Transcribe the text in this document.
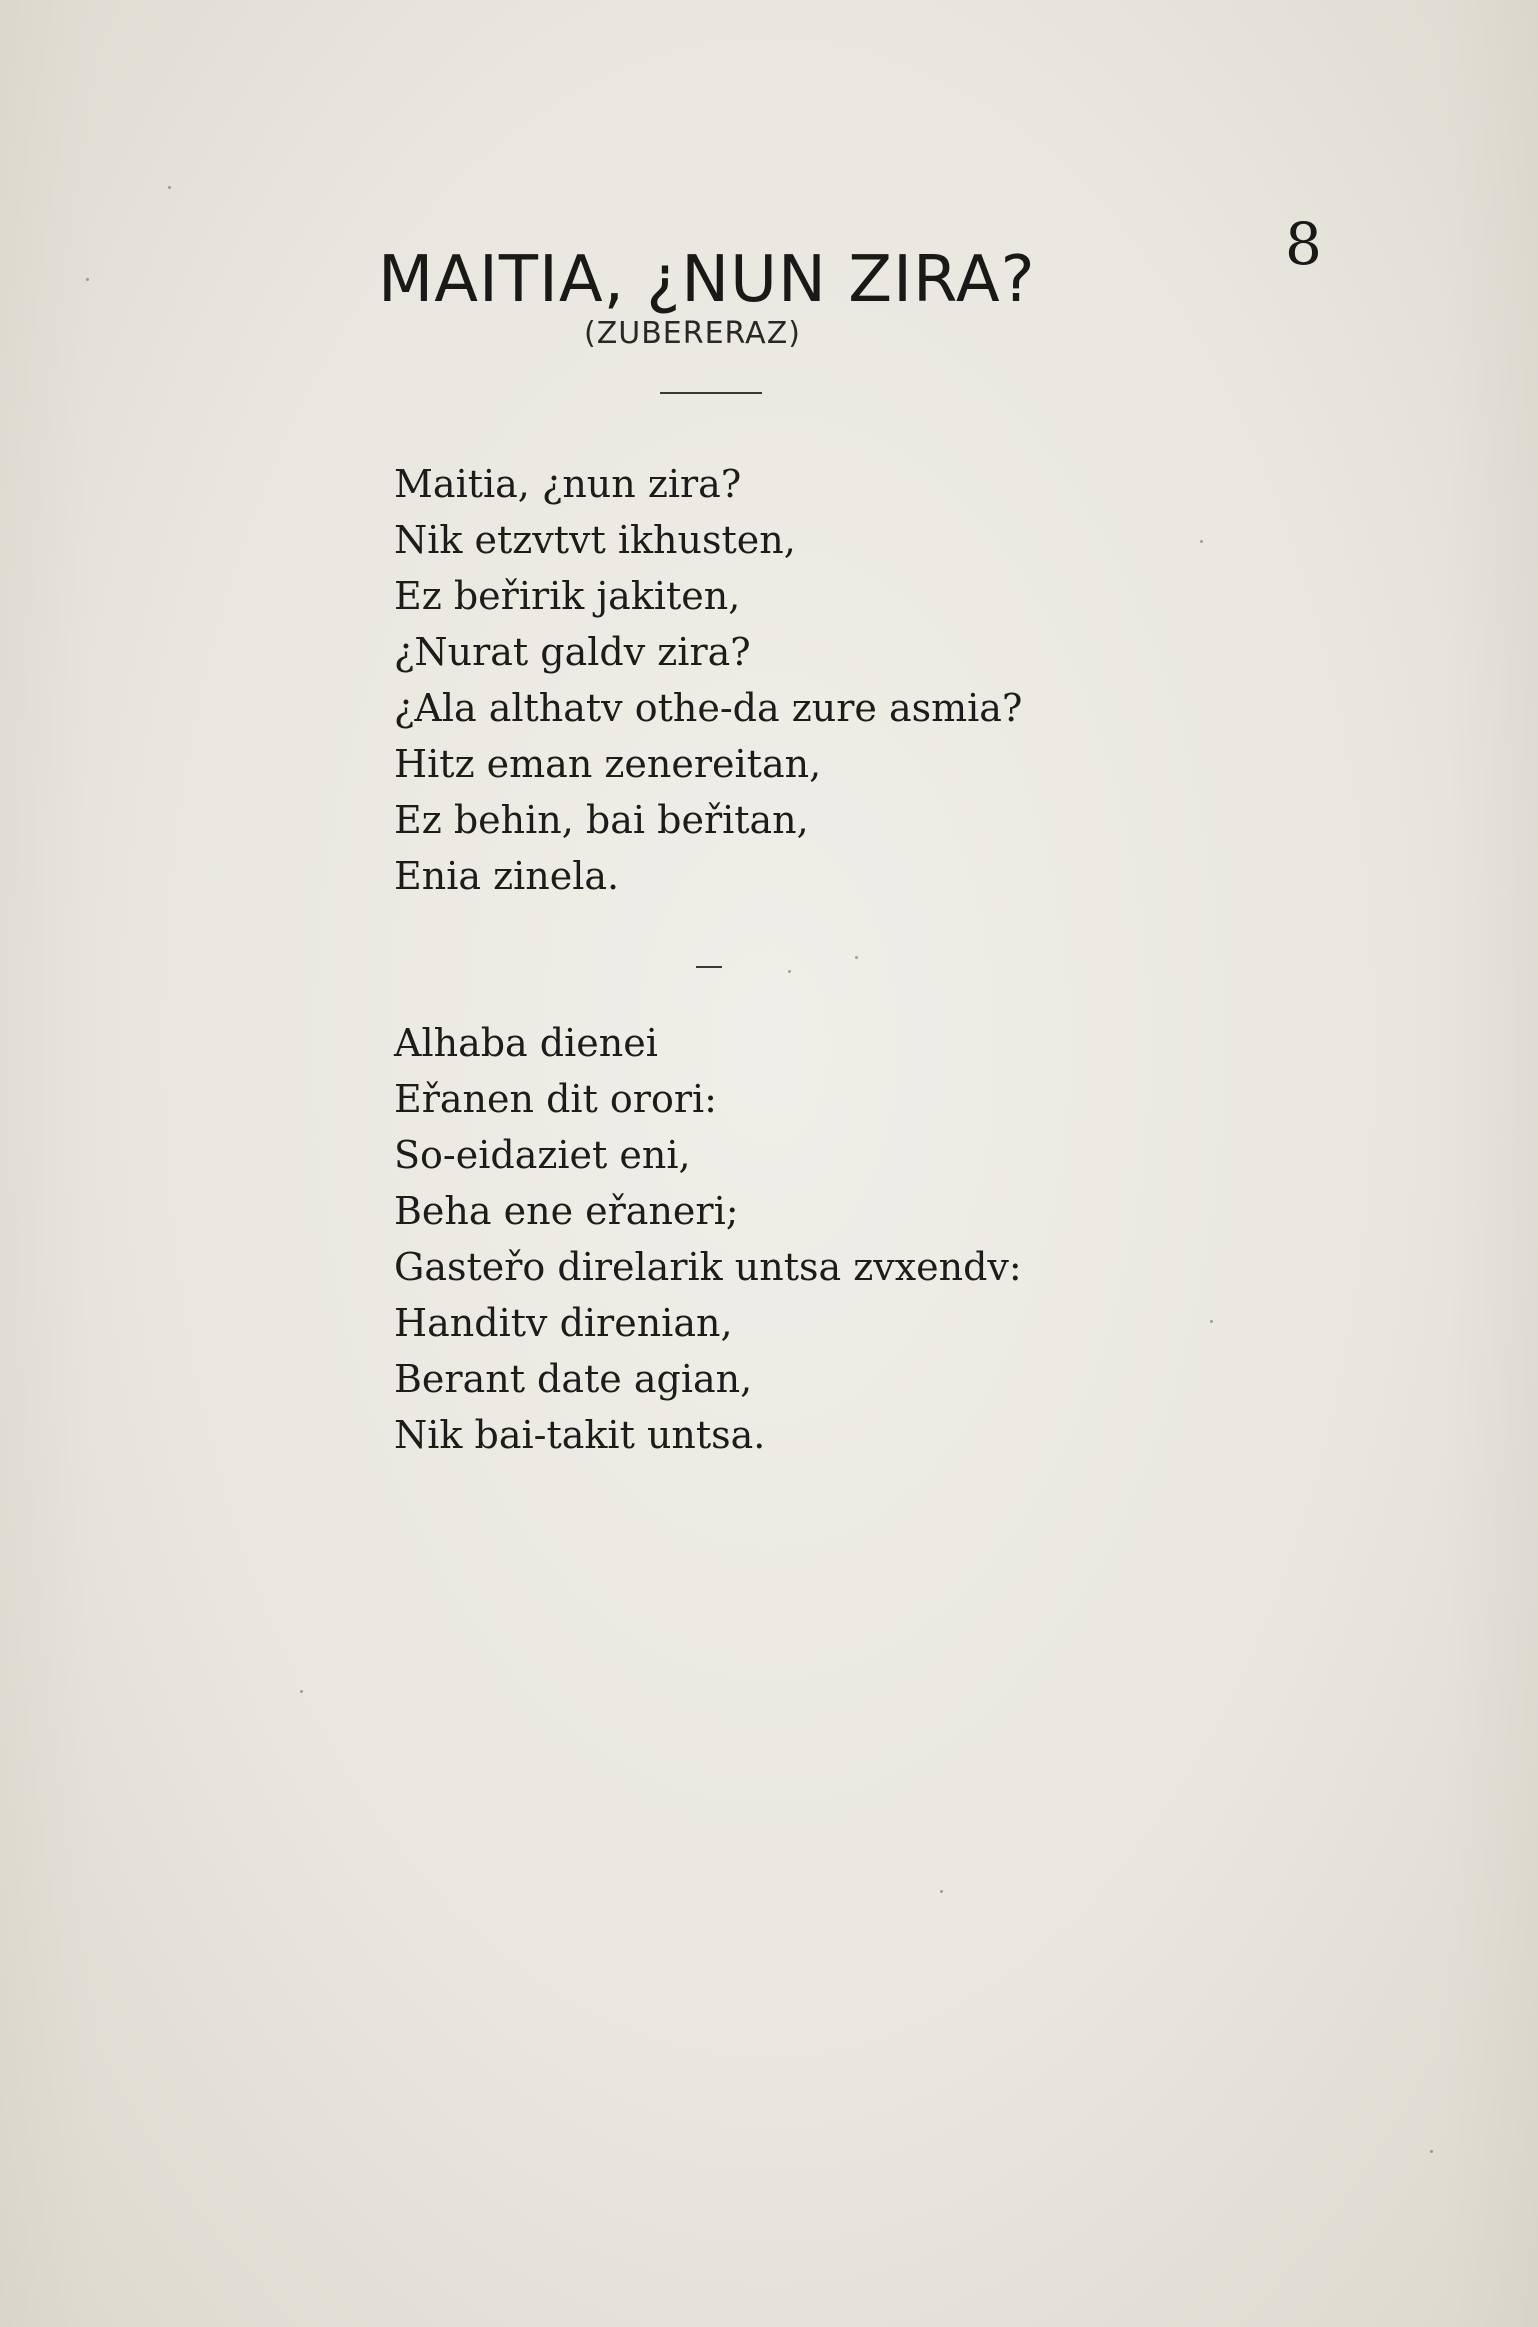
MAITIA, ¿NUN ZIRA?	8
(ZUBERERAZ)
Maitia, ¿nun zira?
Nik etzvtvt ikhusten,
Ez beřirik jakiten,
¿Nurat galdv zira?
¿Ala althatv othe-da zure asmia?
Hitz eman zenereitan,
Ez behin, bai beřitan,
Enia zinela.
Alhaba dienei
Eřanen dit orori:
So-eidaziet eni,
Beha ene eřaneri;
Gasteřo direlarik untsa zvxendv:
Handitv direnian,
Berant date agian,
Nik bai-takit untsa.
